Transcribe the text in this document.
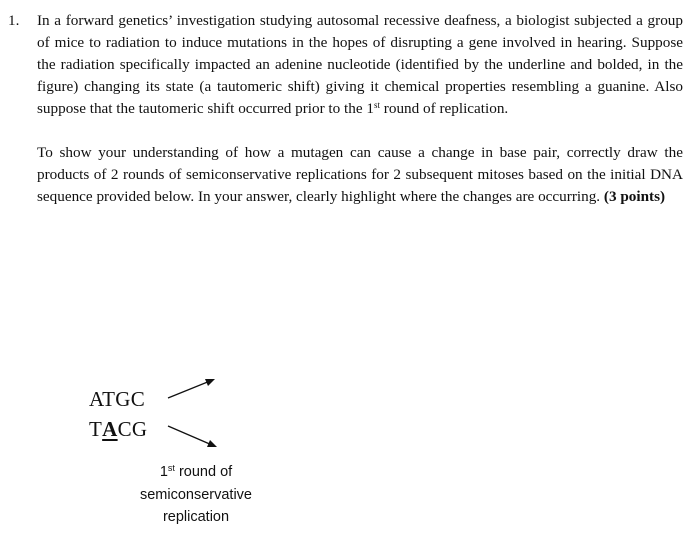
1. In a forward genetics’ investigation studying autosomal recessive deafness, a biologist subjected a group of mice to radiation to induce mutations in the hopes of disrupting a gene involved in hearing. Suppose the radiation specifically impacted an adenine nucleotide (identified by the underline and bolded, in the figure) changing its state (a tautomeric shift) giving it chemical properties resembling a guanine. Also suppose that the tautomeric shift occurred prior to the 1st round of replication.

To show your understanding of how a mutagen can cause a change in base pair, correctly draw the products of 2 rounds of semiconservative replications for 2 subsequent mitoses based on the initial DNA sequence provided below. In your answer, clearly highlight where the changes are occurring. (3 points)

ATGC
TACG
1st round of
semiconservative
replication
